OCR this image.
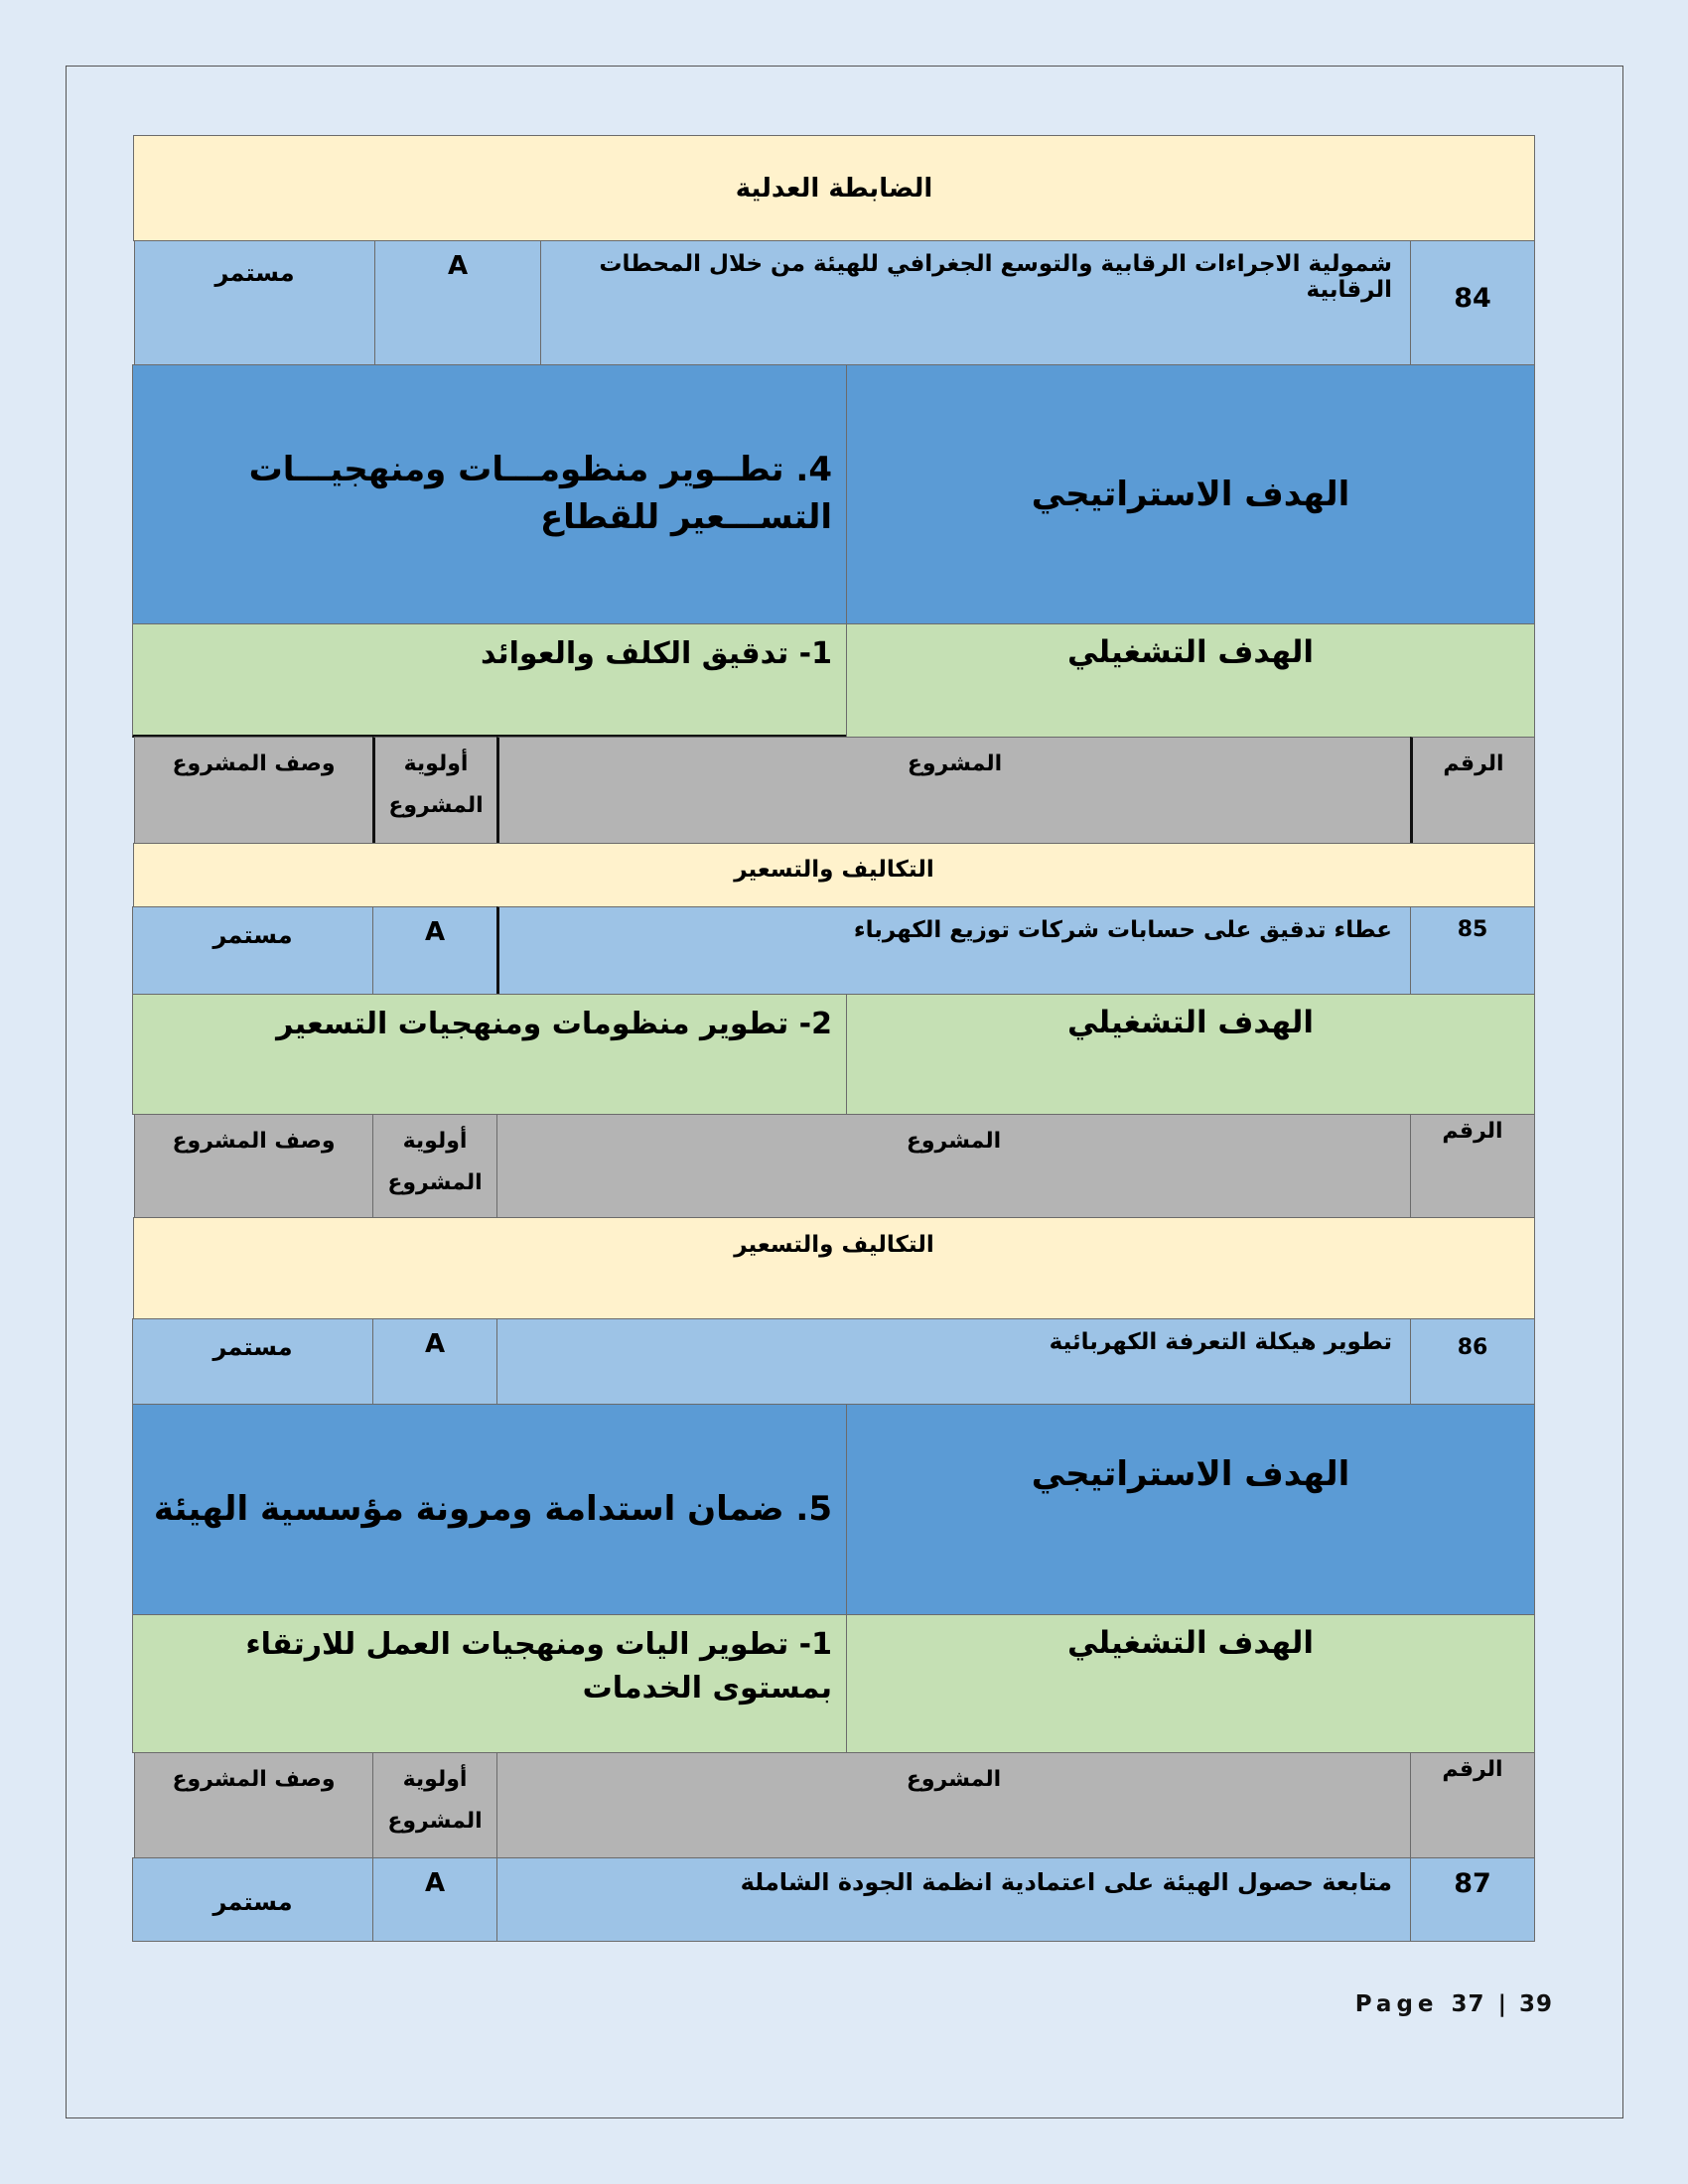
الضابطة العدلية
84
شمولية الاجراءات الرقابية والتوسع الجغرافي للهيئة من خلال المحطات الرقابية
A
مستمر
الهدف الاستراتيجي
4. تطــوير منظومـــات ومنهجيـــات التســـعير للقطاع
الهدف التشغيلي
1- تدقيق الكلف والعوائد
الرقم
المشروع
أولوية
المشروع
وصف المشروع
التكاليف والتسعير
85
عطاء تدقيق على حسابات شركات توزيع الكهرباء
A
مستمر
الهدف التشغيلي
2- تطوير منظومات ومنهجيات التسعير
الرقم
المشروع
أولوية
المشروع
وصف المشروع
التكاليف والتسعير
86
تطوير هيكلة التعرفة الكهربائية
A
مستمر
الهدف الاستراتيجي
5. ضمان استدامة ومرونة مؤسسية الهيئة
الهدف التشغيلي
1- تطوير اليات ومنهجيات العمل للارتقاء بمستوى الخدمات
الرقم
المشروع
أولوية
المشروع
وصف المشروع
87
متابعة حصول الهيئة على اعتمادية انظمة الجودة الشاملة
A
مستمر
Page 37 | 39
